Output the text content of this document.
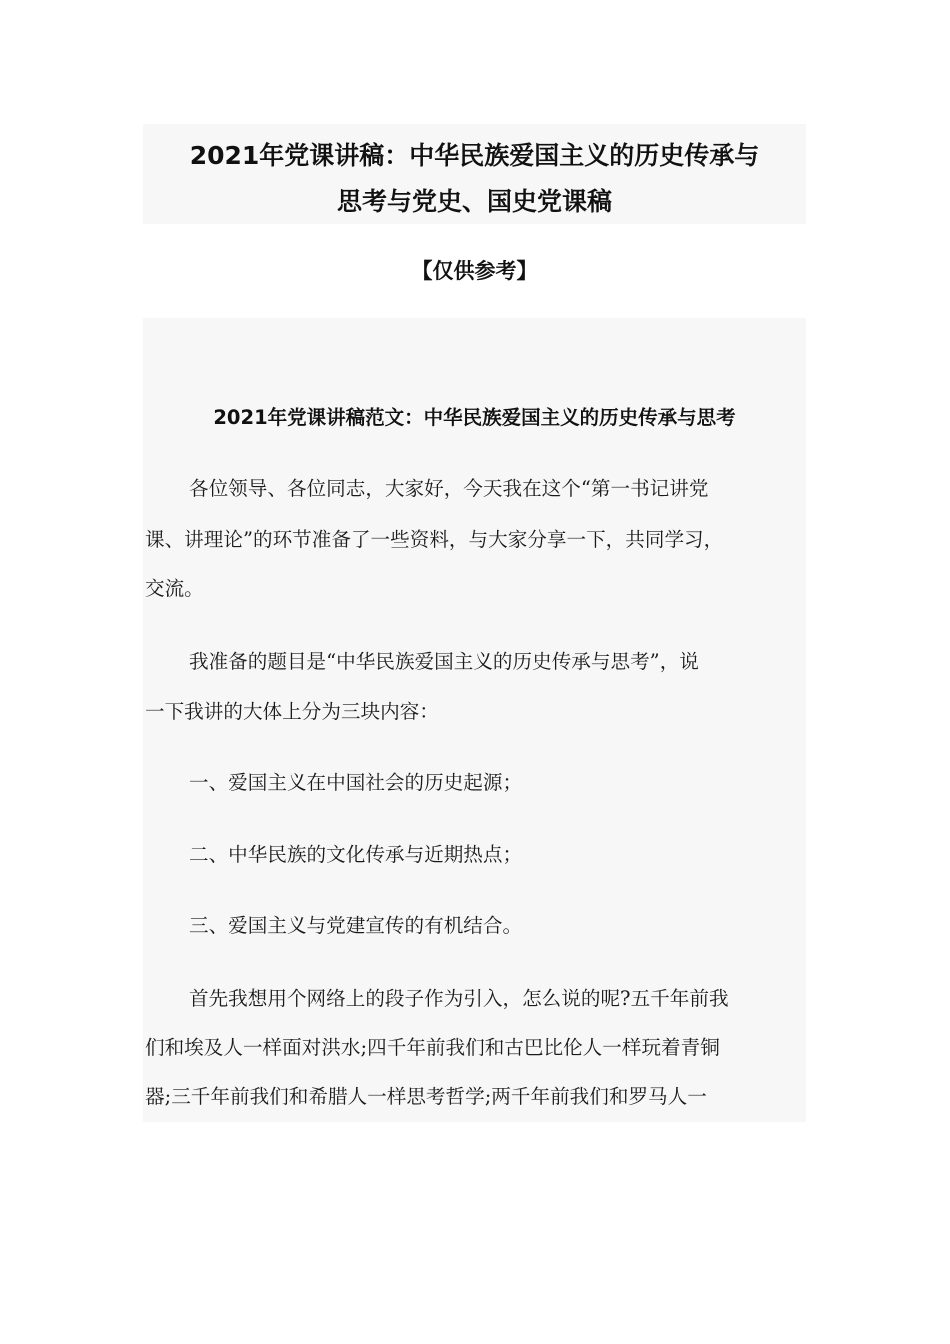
2021年党课讲稿：中华民族爱国主义的历史传承与
思考与党史、国史党课稿
【仅供参考】
2021年党课讲稿范文：中华民族爱国主义的历史传承与思考
各位领导、各位同志，大家好，今天我在这个“第一书记讲党
课、讲理论”的环节准备了一些资料，与大家分享一下，共同学习，
交流。
我准备的题目是“中华民族爱国主义的历史传承与思考”，说
一下我讲的大体上分为三块内容：
一、爱国主义在中国社会的历史起源；
二、中华民族的文化传承与近期热点；
三、爱国主义与党建宣传的有机结合。
首先我想用个网络上的段子作为引入，怎么说的呢?五千年前我
们和埃及人一样面对洪水;四千年前我们和古巴比伦人一样玩着青铜
器;三千年前我们和希腊人一样思考哲学;两千年前我们和罗马人一
